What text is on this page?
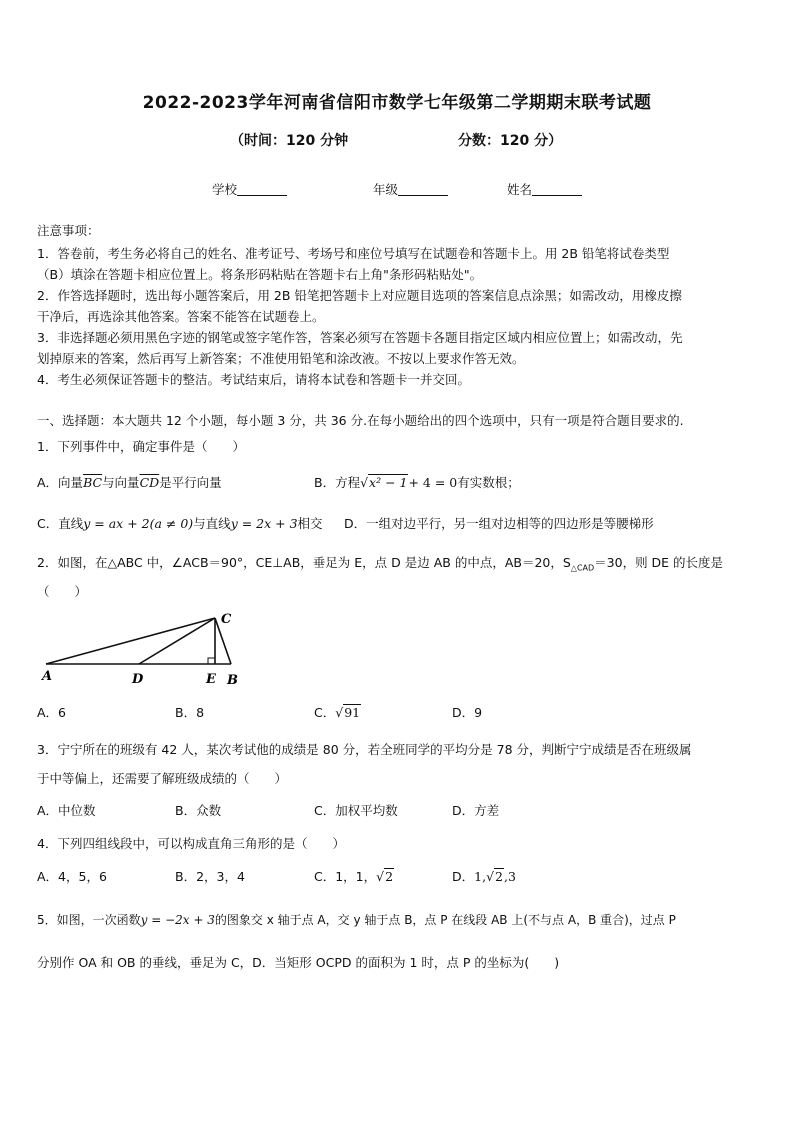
2022-2023学年河南省信阳市数学七年级第二学期期末联考试题
（时间：120 分钟	分数：120 分）
学校	年级	姓名
注意事项：
1．答卷前，考生务必将自己的姓名、准考证号、考场号和座位号填写在试题卷和答题卡上。用 2B 铅笔将试卷类型
（B）填涂在答题卡相应位置上。将条形码粘贴在答题卡右上角"条形码粘贴处"。
2．作答选择题时，选出每小题答案后，用 2B 铅笔把答题卡上对应题目选项的答案信息点涂黑；如需改动，用橡皮擦
干净后，再选涂其他答案。答案不能答在试题卷上。
3．非选择题必须用黑色字迹的钢笔或签字笔作答，答案必须写在答题卡各题目指定区域内相应位置上；如需改动，先
划掉原来的答案，然后再写上新答案；不准使用铅笔和涂改液。不按以上要求作答无效。
4．考生必须保证答题卡的整洁。考试结束后，请将本试卷和答题卡一并交回。
一、选择题：本大题共 12 个小题，每小题 3 分，共 36 分.在每小题给出的四个选项中，只有一项是符合题目要求的.
1．下列事件中，确定事件是（　　）
A．向量$\overline{BC}$与向量$\overline{CD}$是平行向量	B．方程√x² − 1+ 4 = 0有实数根；
C．直线y = ax + 2(a ≠ 0)与直线y = 2x + 3相交 D．一组对边平行，另一组对边相等的四边形是等腰梯形
2．如图，在△ABC 中，∠ACB＝90°，CE⊥AB，垂足为 E，点 D 是边 AB 的中点，AB＝20，$S_{\triangle CAD}=30$，则 DE 的长度是
（　　）
A	D	E B
C
A．6	B．8	C．√91	D．9
3．宁宁所在的班级有 42 人，某次考试他的成绩是 80 分，若全班同学的平均分是 78 分，判断宁宁成绩是否在班级属
于中等偏上，还需要了解班级成绩的（　　）
A．中位数	B．众数	C．加权平均数	D．方差
4．下列四组线段中，可以构成直角三角形的是（　　）
A．4，5，6	B．2，3，4	C．1，1，√2	D．1,√2,3
5．如图，一次函数y = −2x + 3的图象交 x 轴于点 A，交 y 轴于点 B，点 P 在线段 AB 上(不与点 A，B 重合)，过点 P
分别作 OA 和 OB 的垂线，垂足为 C，D．当矩形 OCPD 的面积为 1 时，点 P 的坐标为(　　)
